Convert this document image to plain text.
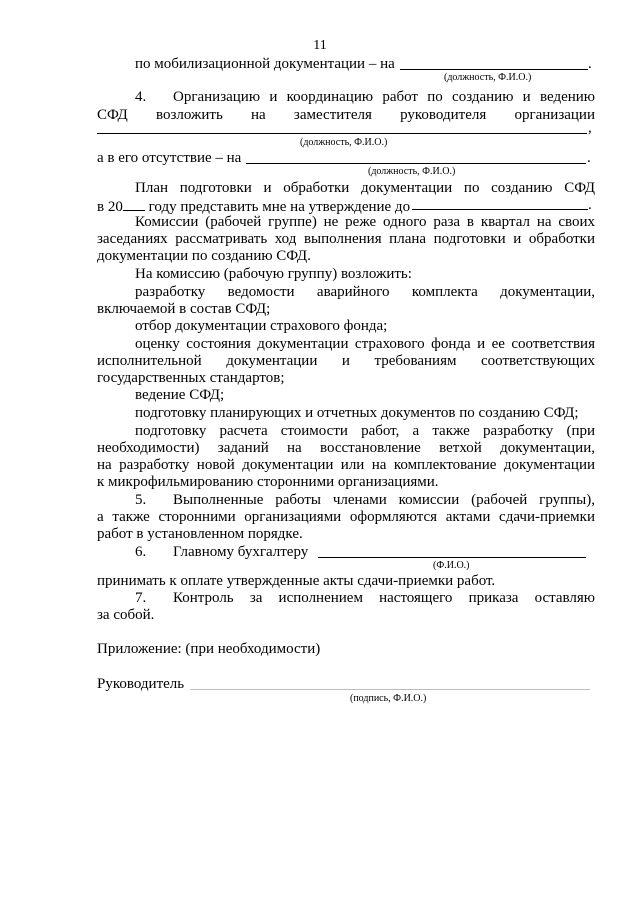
11
по мобилизационной документации – на	.
(должность, Ф.И.О.)
4.	Организацию и координацию работ по созданию и ведению
СФД возложить на заместителя руководителя организации
,
(должность, Ф.И.О.)
а в его отсутствие – на	.
(должность, Ф.И.О.)
План подготовки и обработки документации по созданию СФД
в 20 году представить мне на утверждение до	.
Комиссии (рабочей группе) не реже одного раза в квартал на своих
заседаниях рассматривать ход выполнения плана подготовки и обработки
документации по созданию СФД.
На комиссию (рабочую группу) возложить:
разработку ведомости аварийного комплекта документации,
включаемой в состав СФД;
отбор документации страхового фонда;
оценку состояния документации страхового фонда и ее соответствия
исполнительной документации и требованиям соответствующих
государственных стандартов;
ведение СФД;
подготовку планирующих и отчетных документов по созданию СФД;
подготовку расчета стоимости работ, а также разработку (при
необходимости) заданий на восстановление ветхой документации,
на разработку новой документации или на комплектование документации
к микрофильмированию сторонними организациями.
5.	Выполненные работы членами комиссии (рабочей группы),
а также сторонними организациями оформляются актами сдачи-приемки
работ в установленном порядке.
6.	Главному бухгалтеру
(Ф.И.О.)
принимать к оплате утвержденные акты сдачи-приемки работ.
7.	Контроль за исполнением настоящего приказа оставляю
за собой.
Приложение: (при необходимости)
Руководитель
(подпись, Ф.И.О.)
